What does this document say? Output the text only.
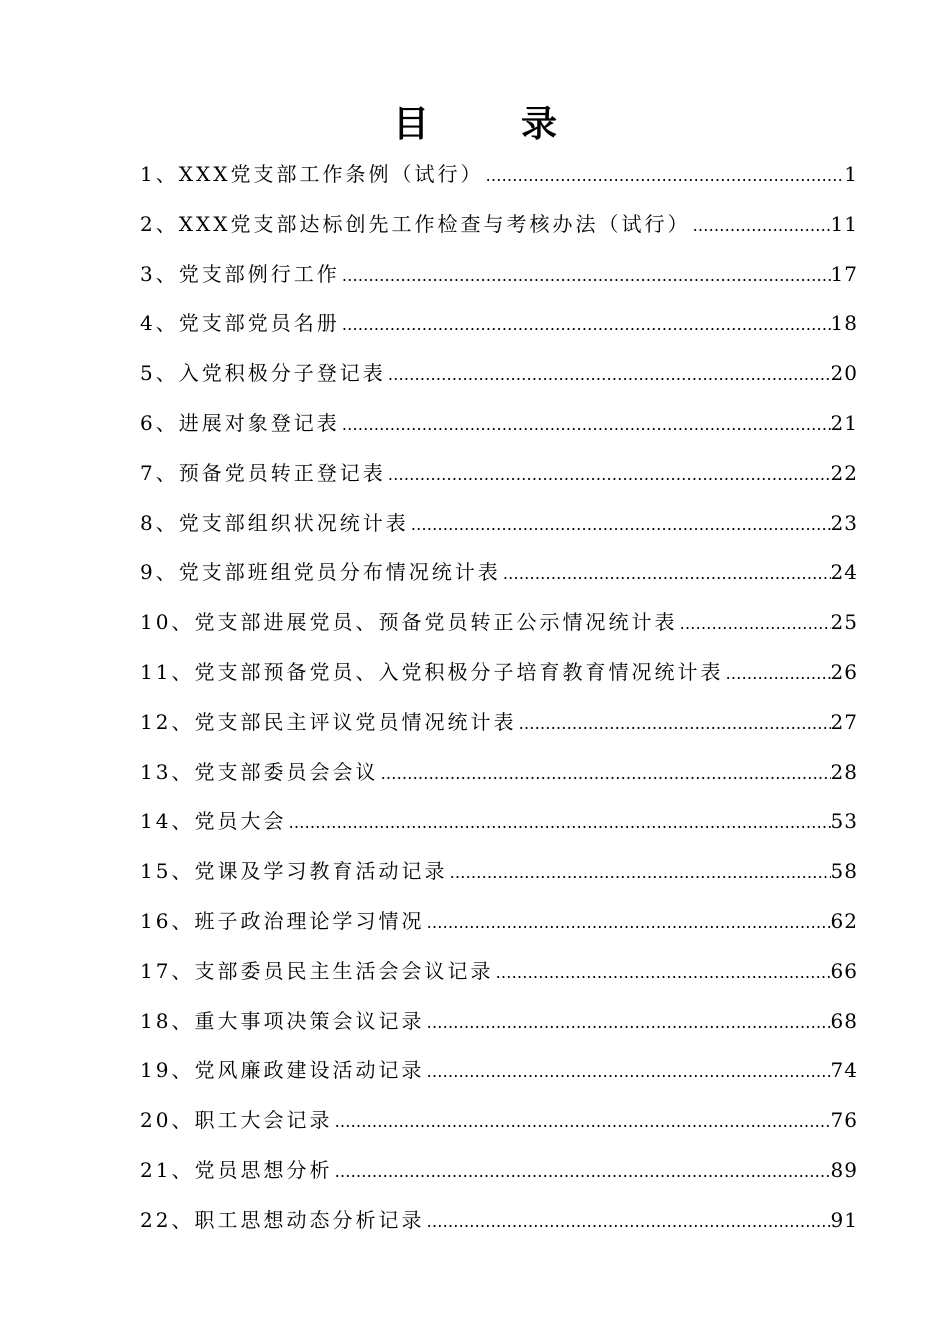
目　录
1、XXX党支部工作条例（试行） …………………………………………………………………………………………………………………………………………………………………………	1
2、XXX党支部达标创先工作检查与考核办法（试行） …………………………………………………………………………………………………………………………………………………………………………	11
3、党支部例行工作 …………………………………………………………………………………………………………………………………………………………………………	17
4、党支部党员名册 …………………………………………………………………………………………………………………………………………………………………………	18
5、入党积极分子登记表 …………………………………………………………………………………………………………………………………………………………………………	20
6、进展对象登记表 …………………………………………………………………………………………………………………………………………………………………………	21
7、预备党员转正登记表 …………………………………………………………………………………………………………………………………………………………………………	22
8、党支部组织状况统计表 …………………………………………………………………………………………………………………………………………………………………………	23
9、党支部班组党员分布情况统计表 …………………………………………………………………………………………………………………………………………………………………………	24
10、党支部进展党员、预备党员转正公示情况统计表 …………………………………………………………………………………………………………………………………………………………………………	25
11、党支部预备党员、入党积极分子培育教育情况统计表 …………………………………………………………………………………………………………………………………………………………………………	26
12、党支部民主评议党员情况统计表 …………………………………………………………………………………………………………………………………………………………………………	27
13、党支部委员会会议 …………………………………………………………………………………………………………………………………………………………………………	28
14、党员大会 …………………………………………………………………………………………………………………………………………………………………………	53
15、党课及学习教育活动记录 …………………………………………………………………………………………………………………………………………………………………………	58
16、班子政治理论学习情况 …………………………………………………………………………………………………………………………………………………………………………	62
17、支部委员民主生活会会议记录 …………………………………………………………………………………………………………………………………………………………………………	66
18、重大事项决策会议记录 …………………………………………………………………………………………………………………………………………………………………………	68
19、党风廉政建设活动记录 …………………………………………………………………………………………………………………………………………………………………………	74
20、职工大会记录 …………………………………………………………………………………………………………………………………………………………………………	76
21、党员思想分析 …………………………………………………………………………………………………………………………………………………………………………	89
22、职工思想动态分析记录 …………………………………………………………………………………………………………………………………………………………………………	91
